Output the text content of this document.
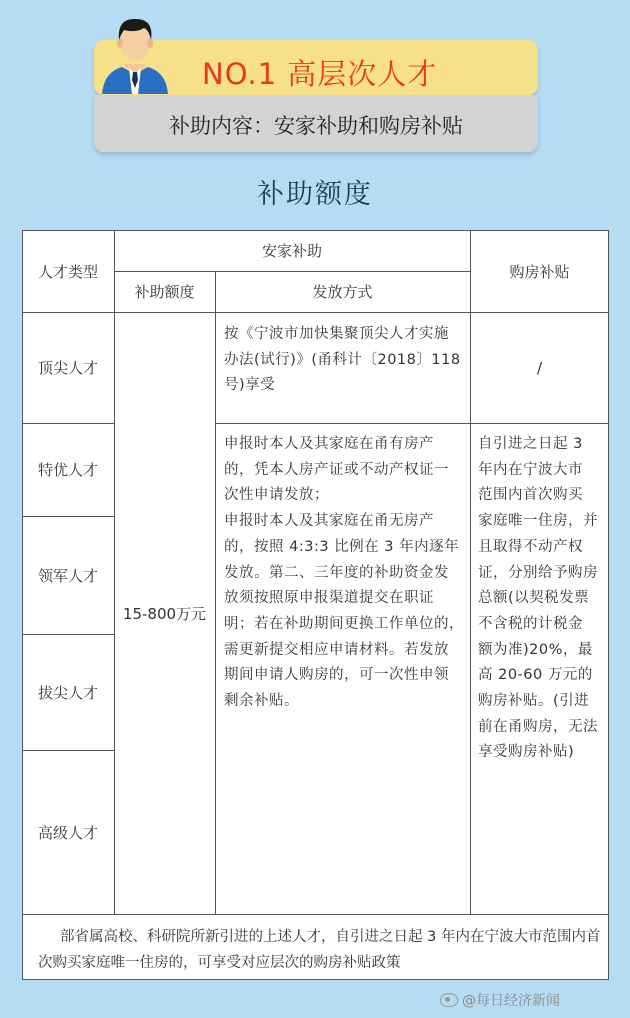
NO.1 高层次人才
补助内容：安家补助和购房补贴
补助额度
人才类型
安家补助
补助额度	发放方式
购房补贴
顶尖人才
特优人才
领军人才
拔尖人才
高级人才
15-800万元
按《宁波市加快集聚顶尖人才实施
办法(试行)》(甬科计〔2018〕118
号)享受
/
申报时本人及其家庭在甬有房产
的，凭本人房产证或不动产权证一
次性申请发放；
申报时本人及其家庭在甬无房产
的，按照 4:3:3 比例在 3 年内逐年
发放。第二、三年度的补助资金发
放须按照原申报渠道提交在职证
明；若在补助期间更换工作单位的，
需更新提交相应申请材料。若发放
期间申请人购房的，可一次性申领
剩余补贴。
自引进之日起 3
年内在宁波大市
范围内首次购买
家庭唯一住房，并
且取得不动产权
证，分别给予购房
总额(以契税发票
不含税的计税金
额为准)20%，最
高 20-60 万元的
购房补贴。(引进
前在甬购房，无法
享受购房补贴)
部省属高校、科研院所新引进的上述人才，自引进之日起 3 年内在宁波大市范围内首次购买家庭唯一住房的，可享受对应层次的购房补贴政策
@每日经济新闻
